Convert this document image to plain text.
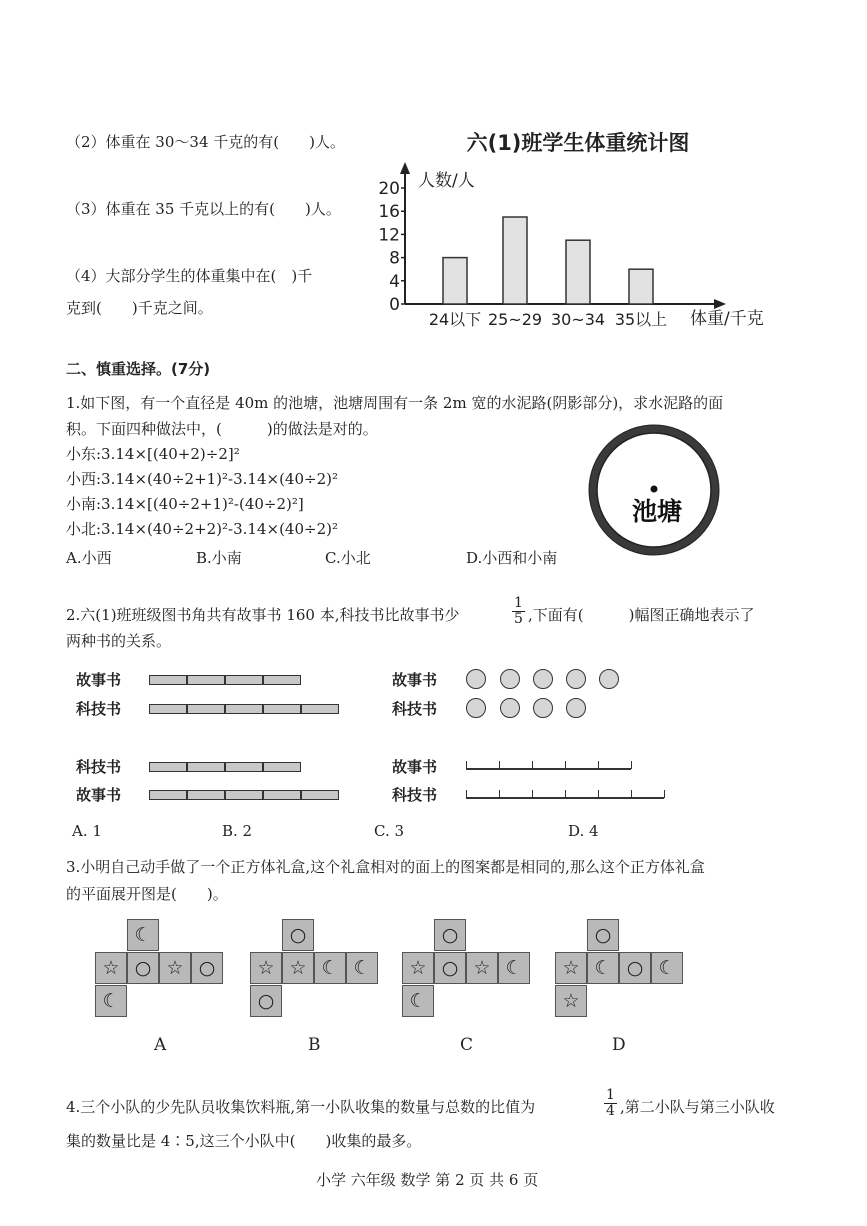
（2）体重在 30～34 千克的有(　　)人。
（3）体重在 35 千克以上的有(　　)人。
（4）大部分学生的体重集中在(　)千
克到(　　)千克之间。
六(1)班学生体重统计图
人数/人
体重/千克
0
4
8
12
16
20
24以下 25~29 30~34 35以上
二、慎重选择。(7分)
1.如下图，有一个直径是 40m 的池塘，池塘周围有一条 2m 宽的水泥路(阴影部分)，求水泥路的面
积。下面四种做法中，(　　　)的做法是对的。
小东:3.14×[(40+2)÷2]²
小西:3.14×(40÷2+1)²-3.14×(40÷2)²
小南:3.14×[(40÷2+1)²-(40÷2)²]
小北:3.14×(40÷2+2)²-3.14×(40÷2)²
A.小西	B.小南	C.小北	D.小西和小南
池塘
2.六(1)班班级图书角共有故事书 160 本,科技书比故事书少	$\frac{1}{5}$ ,下面有(　　　)幅图正确地表示了
两种书的关系。
故事书
科技书
故事书
科技书
科技书
故事书
故事书
科技书
A. 1	B. 2	C. 3	D. 4
3.小明自己动手做了一个正方体礼盒,这个礼盒相对的面上的图案都是相同的,那么这个正方体礼盒
的平面展开图是(　　)。
☾
☆ ○ ☆ ○
☾
A
○
☆ ☆ ☾ ☾
○
B
○
☆ ○ ☆ ☾
☾
C
○
☆ ☾ ○ ☾
☆
D
4.三个小队的少先队员收集饮料瓶,第一小队收集的数量与总数的比值为	$\frac{1}{4}$ ,第二小队与第三小队收
集的数量比是 4∶5,这三个小队中(　　)收集的最多。
小学 六年级 数学 第 2 页 共 6 页
